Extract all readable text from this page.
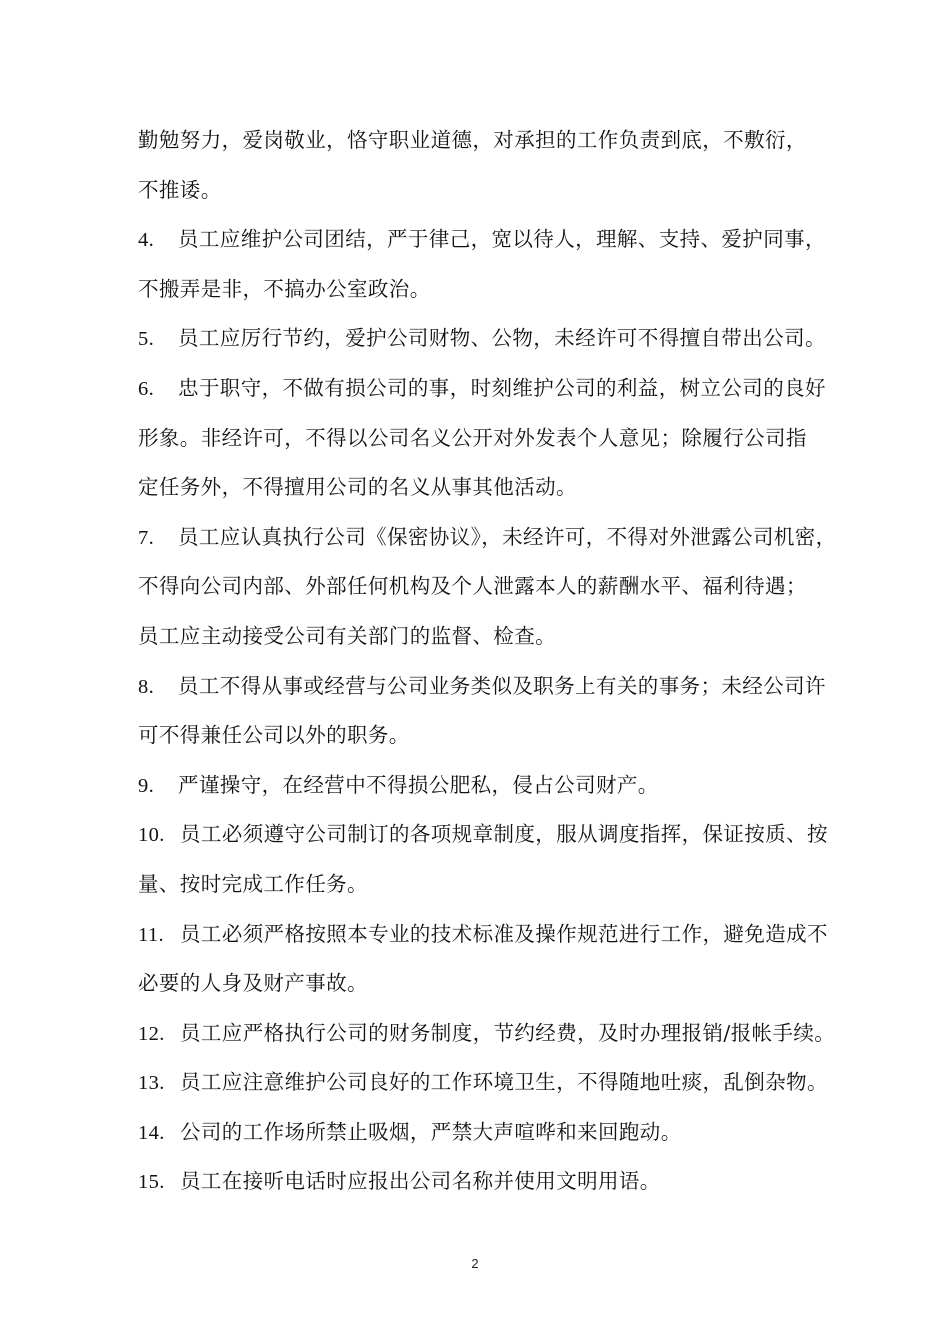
勤勉努力，爱岗敬业，恪守职业道德，对承担的工作负责到底，不敷衍，
不推诿。
4. 员工应维护公司团结，严于律己，宽以待人，理解、支持、爱护同事，
不搬弄是非，不搞办公室政治。
5. 员工应厉行节约，爱护公司财物、公物，未经许可不得擅自带出公司。
6. 忠于职守，不做有损公司的事，时刻维护公司的利益，树立公司的良好
形象。非经许可，不得以公司名义公开对外发表个人意见；除履行公司指
定任务外，不得擅用公司的名义从事其他活动。
7. 员工应认真执行公司《保密协议》，未经许可，不得对外泄露公司机密，
不得向公司内部、外部任何机构及个人泄露本人的薪酬水平、福利待遇；
员工应主动接受公司有关部门的监督、检查。
8. 员工不得从事或经营与公司业务类似及职务上有关的事务；未经公司许
可不得兼任公司以外的职务。
9. 严谨操守，在经营中不得损公肥私，侵占公司财产。
10. 员工必须遵守公司制订的各项规章制度，服从调度指挥，保证按质、按
量、按时完成工作任务。
11. 员工必须严格按照本专业的技术标准及操作规范进行工作，避免造成不
必要的人身及财产事故。
12. 员工应严格执行公司的财务制度，节约经费，及时办理报销/报帐手续。
13. 员工应注意维护公司良好的工作环境卫生，不得随地吐痰，乱倒杂物。
14. 公司的工作场所禁止吸烟，严禁大声喧哗和来回跑动。
15. 员工在接听电话时应报出公司名称并使用文明用语。
2
